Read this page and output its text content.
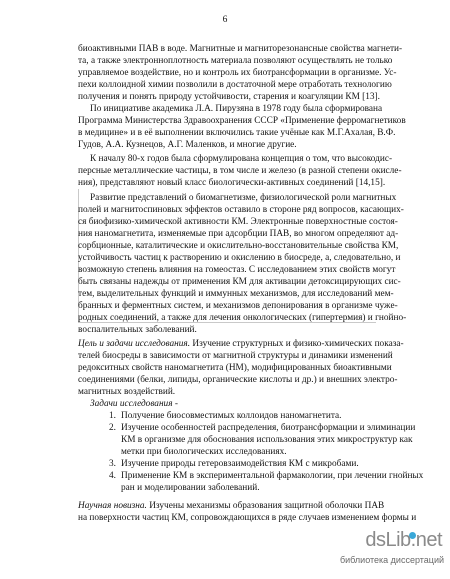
6
биоактивными ПАВ в воде. Магнитные и магниторезонансные свойства магнети-
та, а также электронноплотность материала позволяют осуществлять не только
управляемое воздействие, но и контроль их биотрансформации в организме. Ус-
пехи коллоидной химии позволили в достаточной мере отработать технологию
получения и понять природу устойчивости, старения и коагуляции КМ [13].
По инициативе академика Л.А. Пирузяна в 1978 году была сформирована
Программа Министерства Здравоохранения СССР «Применение ферромагнетиков
в медицине» и в её выполнении включились такие учёные как М.Г.Ахалая, В.Ф.
Гудов, А.А. Кузнецов, А.Г. Маленков, и многие другие.
К началу 80-х годов была сформулирована концепция о том, что высокодис-
персные металлические частицы, в том числе и железо (в разной степени окисле-
ния), представляют новый класс биологически-активных соединений [14,15].
Развитие представлений о биомагнетизме, физиологической роли магнитных
полей и магнитоспиновых эффектов оставило в стороне ряд вопросов, касающих-
ся биофизико-химической активности КМ. Электронные поверхностные состоя-
ния наномагнетита, изменяемые при адсорбции ПАВ, во многом определяют ад-
сорбционные, каталитические и окислительно-восстановительные свойства КМ,
устойчивость частиц к растворению и окислению в биосреде, а, следовательно, и
возможную степень влияния на гомеостаз. С исследованием этих свойств могут
быть связаны надежды от применения КМ для активации детоксицирующих сис-
тем, выделительных функций и иммунных механизмов, для исследований мем-
бранных и ферментных систем, и механизмов депонирования в организме чужe-
родных соединений, а также для лечения онкологических (гипертермия) и гнойно-
воспалительных заболеваний.
Цель и задачи исследования. Изучение структурных и физико-химических показа-
телей биосреды в зависимости от магнитной структуры и динамики изменений
редокситных свойств наномагнетита (НМ), модифицированных биоактивными
соединениями (белки, липиды, органические кислоты и др.) и внешних электро-
магнитных воздействий.
Задачи исследования -
1. Получение биосовместимых коллоидов наномагнетита.
2. Изучение особенностей распределения, биотрансформации и элиминации
КМ в организме для обоснования использования этих микроструктур как
метки при биологических исследованиях.
3. Изучение природы гетеровзаимодействия КМ с микробами.
4. Применение КМ в экспериментальной фармакологии, при лечении гнойных
ран и моделировании заболеваний.
Научная новизна. Изучены механизмы образования защитной оболочки ПАВ
на поверхности частиц КМ, сопровождающихся в ряде случаев изменением формы и
dsLib.net
библиотека диссертаций
